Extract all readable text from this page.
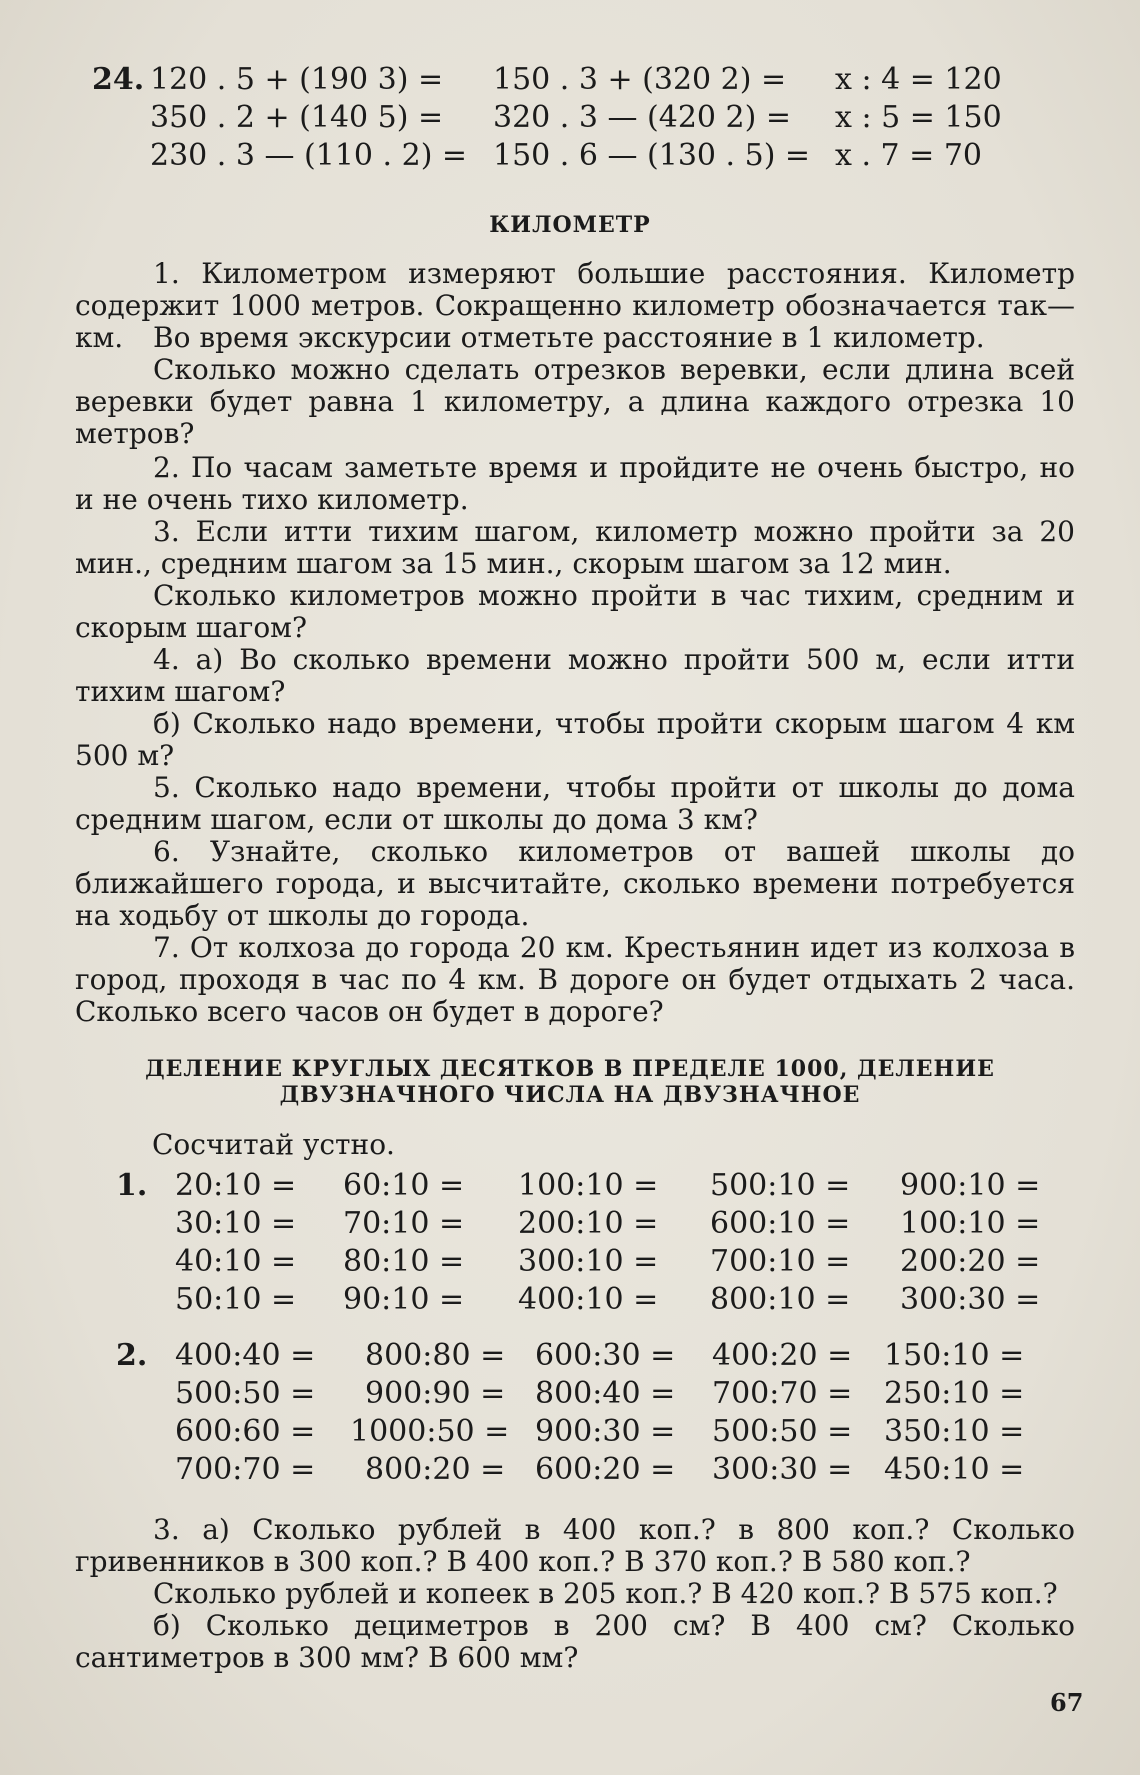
24. 120 . 5 + (190 3) = 150 . 3 + (320 2) = x : 4 = 120
350 . 2 + (140 5) = 320 . 3 — (420 2) = x : 5 = 150
230 . 3 — (110 . 2) = 150 . 6 — (130 . 5) = x . 7 = 70
КИЛОМЕТР

1. Километром измеряют большие расстояния. Километр содержит 1000 метров. Сокращенно километр обозначается так—км.	Во время экскурсии отметьте расстояние в 1 километр.

Сколько можно сделать отрезков веревки, если длина всей веревки будет равна 1 километру, а длина каждого отрезка 10 метров?

2. По часам заметьте время и пройдите не очень быстро, но и не очень тихо километр.

3. Если итти тихим шагом, километр можно пройти за 20 мин., средним шагом за 15 мин., скорым шагом за 12 мин.

Сколько километров можно пройти в час тихим, средним и скорым шагом?

4. а) Во сколько времени можно пройти 500 м, если итти тихим шагом?

б) Сколько надо времени, чтобы пройти скорым шагом 4 км 500 м?

5. Сколько надо времени, чтобы пройти от школы до дома средним шагом, если от школы до дома 3 км?

6. Узнайте, сколько километров от вашей школы до ближайшего города, и высчитайте, сколько времени потребуется на ходьбу от школы до города.

7. От колхоза до города 20 км. Крестьянин идет из колхоза в город, проходя в час по 4 км. В дороге он будет отдыхать 2 часа. Сколько всего часов он будет в дороге?

ДЕЛЕНИЕ КРУГЛЫХ ДЕСЯТКОВ В ПРЕДЕЛЕ 1000, ДЕЛЕНИЕ
ДВУЗНАЧНОГО ЧИСЛА НА ДВУЗНАЧНОЕ
Сосчитай устно.
1. 20:10 = 60:10 = 100:10 = 500:10 = 900:10 =
30:10 = 70:10 = 200:10 = 600:10 = 100:10 =
40:10 = 80:10 = 300:10 = 700:10 = 200:20 =
50:10 = 90:10 = 400:10 = 800:10 = 300:30 =
2. 400:40 = 800:80 = 600:30 = 400:20 = 150:10 =
500:50 = 900:90 = 800:40 = 700:70 = 250:10 =
600:60 = 1000:50 = 900:30 = 500:50 = 350:10 =
700:70 = 800:20 = 600:20 = 300:30 = 450:10 =

3. а) Сколько рублей в 400 коп.? в 800 коп.? Сколько гривенников в 300 коп.? В 400 коп.? В 370 коп.? В 580 коп.?

Сколько рублей и копеек в 205 коп.? В 420 коп.? В 575 коп.?

б) Сколько дециметров в 200 см? В 400 см? Сколько сантиметров в 300 мм? В 600 мм?

67
